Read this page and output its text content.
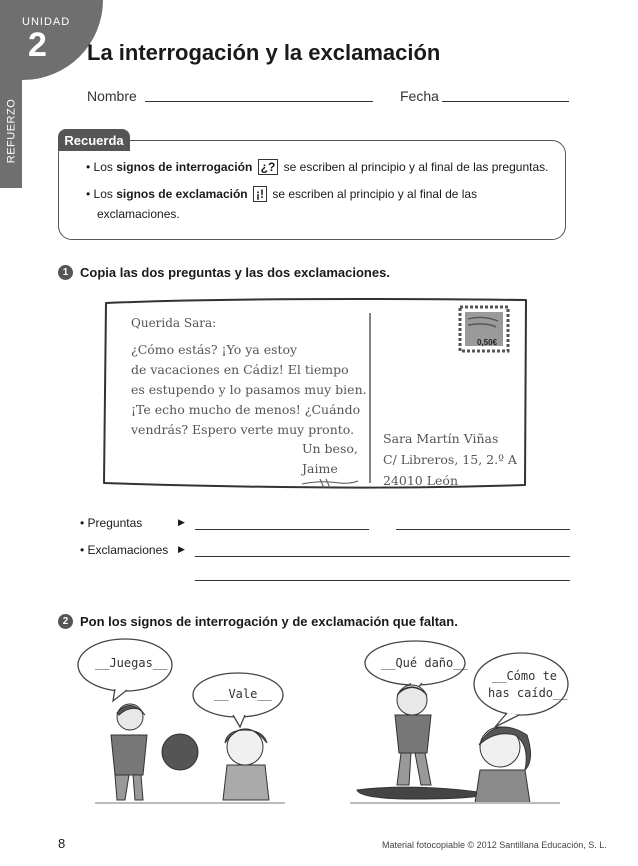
UNIDAD
2
REFUERZO
La interrogación y la exclamación
Nombre	Fecha
Recuerda
• Los signos de interrogación ¿? se escriben al principio y al final de las preguntas.
• Los signos de exclamación ¡! se escriben al principio y al final de las
exclamaciones.
1 Copia las dos preguntas y las dos exclamaciones.
0,50€
Querida Sara:
¿Cómo estás? ¡Yo ya estoy
de vacaciones en Cádiz! El tiempo
es estupendo y lo pasamos muy bien.
¡Te echo mucho de menos! ¿Cuándo
vendrás? Espero verte muy pronto.
Un beso,
Jaime
Sara Martín Viñas
C/ Libreros, 15, 2.º A
24010 León
• Preguntas	▶
• Exclamaciones ▶
2 Pon los signos de interrogación y de exclamación que faltan.
__Juegas__
__Vale__
__Qué daño__
__Cómo te
has caído__
8	Material fotocopiable © 2012 Santillana Educación, S. L.
